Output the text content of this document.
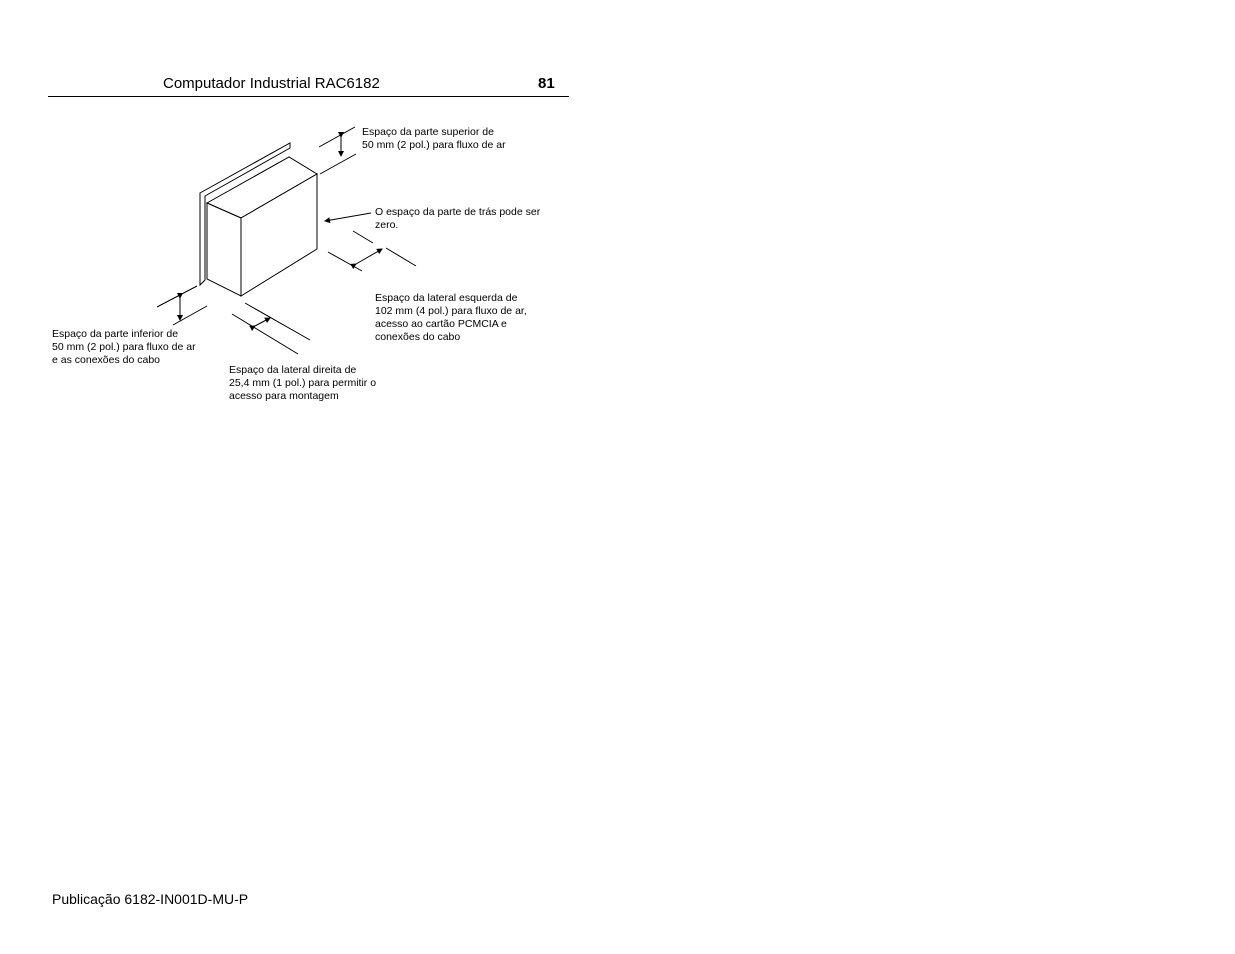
Computador Industrial RAC6182	81
Espaço da parte superior de
50 mm (2 pol.) para fluxo de ar
O espaço da parte de trás pode ser
zero.
Espaço da lateral esquerda de
102 mm (4 pol.) para fluxo de ar,
acesso ao cartão PCMCIA e
conexões do cabo
Espaço da parte inferior de
50 mm (2 pol.) para fluxo de ar
e as conexões do cabo
Espaço da lateral direita de
25,4 mm (1 pol.) para permitir o
acesso para montagem
Publicação 6182-IN001D-MU-P
